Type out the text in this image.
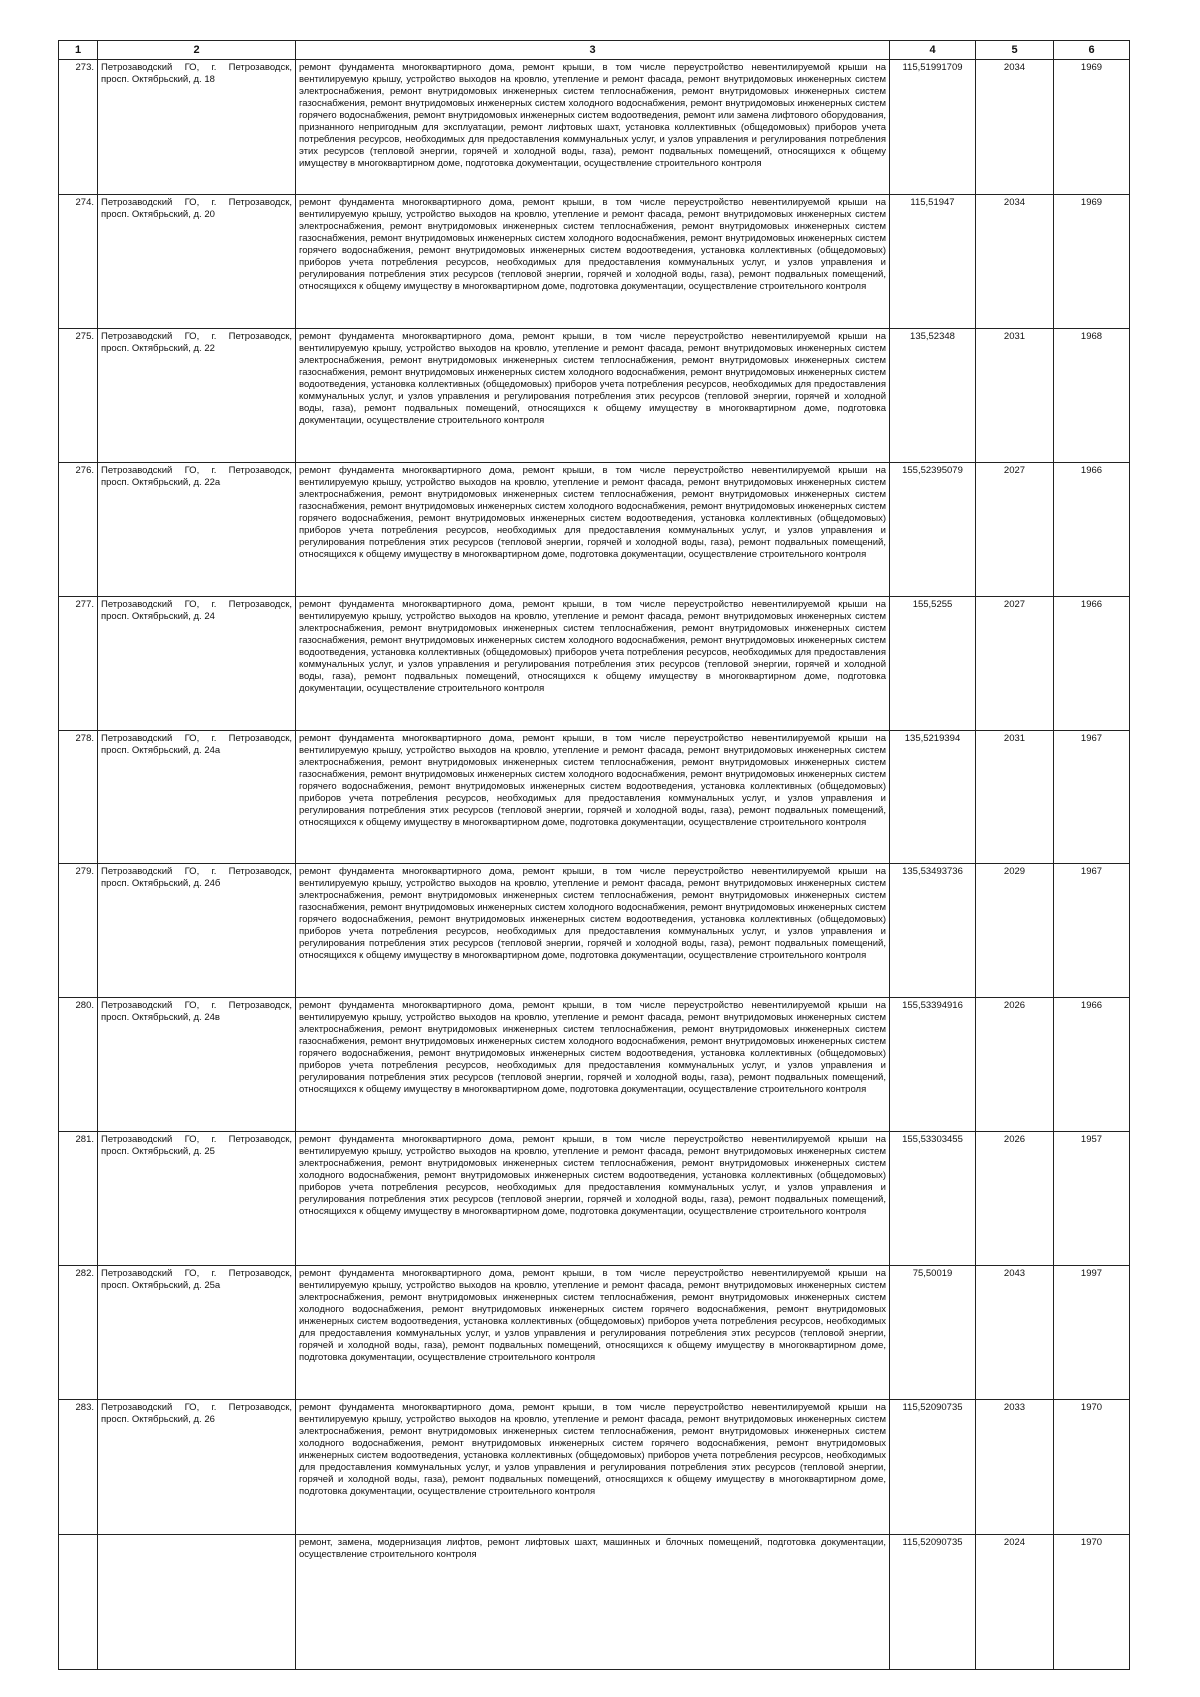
1	2	3	4	5	6
273.	Петрозаводский ГО, г. Петрозаводск, просп. Октябрьский, д. 18	ремонт фундамента многоквартирного дома, ремонт крыши, в том числе переустройство невентилируемой крыши на вентилируемую крышу, устройство выходов на кровлю, утепление и ремонт фасада, ремонт внутридомовых инженерных систем электроснабжения, ремонт внутридомовых инженерных систем теплоснабжения, ремонт внутридомовых инженерных систем газоснабжения, ремонт внутридомовых инженерных систем холодного водоснабжения, ремонт внутридомовых инженерных систем горячего водоснабжения, ремонт внутридомовых инженерных систем водоотведения, ремонт или замена лифтового оборудования, признанного непригодным для эксплуатации, ремонт лифтовых шахт, установка коллективных (общедомовых) приборов учета потребления ресурсов, необходимых для предоставления коммунальных услуг, и узлов управления и регулирования потребления этих ресурсов (тепловой энергии, горячей и холодной воды, газа), ремонт подвальных помещений, относящихся к общему имуществу в многоквартирном доме, подготовка документации, осуществление строительного контроля	115,51991709	2034	1969
274.	Петрозаводский ГО, г. Петрозаводск, просп. Октябрьский, д. 20	ремонт фундамента многоквартирного дома, ремонт крыши, в том числе переустройство невентилируемой крыши на вентилируемую крышу, устройство выходов на кровлю, утепление и ремонт фасада, ремонт внутридомовых инженерных систем электроснабжения, ремонт внутридомовых инженерных систем теплоснабжения, ремонт внутридомовых инженерных систем газоснабжения, ремонт внутридомовых инженерных систем холодного водоснабжения, ремонт внутридомовых инженерных систем горячего водоснабжения, ремонт внутридомовых инженерных систем водоотведения, установка коллективных (общедомовых) приборов учета потребления ресурсов, необходимых для предоставления коммунальных услуг, и узлов управления и регулирования потребления этих ресурсов (тепловой энергии, горячей и холодной воды, газа), ремонт подвальных помещений, относящихся к общему имуществу в многоквартирном доме, подготовка документации, осуществление строительного контроля	115,51947	2034	1969
275.	Петрозаводский ГО, г. Петрозаводск, просп. Октябрьский, д. 22	ремонт фундамента многоквартирного дома, ремонт крыши, в том числе переустройство невентилируемой крыши на вентилируемую крышу, устройство выходов на кровлю, утепление и ремонт фасада, ремонт внутридомовых инженерных систем электроснабжения, ремонт внутридомовых инженерных систем теплоснабжения, ремонт внутридомовых инженерных систем газоснабжения, ремонт внутридомовых инженерных систем холодного водоснабжения, ремонт внутридомовых инженерных систем водоотведения, установка коллективных (общедомовых) приборов учета потребления ресурсов, необходимых для предоставления коммунальных услуг, и узлов управления и регулирования потребления этих ресурсов (тепловой энергии, горячей и холодной воды, газа), ремонт подвальных помещений, относящихся к общему имуществу в многоквартирном доме, подготовка документации, осуществление строительного контроля	135,52348	2031	1968
276.	Петрозаводский ГО, г. Петрозаводск, просп. Октябрьский, д. 22а	ремонт фундамента многоквартирного дома, ремонт крыши, в том числе переустройство невентилируемой крыши на вентилируемую крышу, устройство выходов на кровлю, утепление и ремонт фасада, ремонт внутридомовых инженерных систем электроснабжения, ремонт внутридомовых инженерных систем теплоснабжения, ремонт внутридомовых инженерных систем газоснабжения, ремонт внутридомовых инженерных систем холодного водоснабжения, ремонт внутридомовых инженерных систем горячего водоснабжения, ремонт внутридомовых инженерных систем водоотведения, установка коллективных (общедомовых) приборов учета потребления ресурсов, необходимых для предоставления коммунальных услуг, и узлов управления и регулирования потребления этих ресурсов (тепловой энергии, горячей и холодной воды, газа), ремонт подвальных помещений, относящихся к общему имуществу в многоквартирном доме, подготовка документации, осуществление строительного контроля	155,52395079	2027	1966
277.	Петрозаводский ГО, г. Петрозаводск, просп. Октябрьский, д. 24	ремонт фундамента многоквартирного дома, ремонт крыши, в том числе переустройство невентилируемой крыши на вентилируемую крышу, устройство выходов на кровлю, утепление и ремонт фасада, ремонт внутридомовых инженерных систем электроснабжения, ремонт внутридомовых инженерных систем теплоснабжения, ремонт внутридомовых инженерных систем газоснабжения, ремонт внутридомовых инженерных систем холодного водоснабжения, ремонт внутридомовых инженерных систем водоотведения, установка коллективных (общедомовых) приборов учета потребления ресурсов, необходимых для предоставления коммунальных услуг, и узлов управления и регулирования потребления этих ресурсов (тепловой энергии, горячей и холодной воды, газа), ремонт подвальных помещений, относящихся к общему имуществу в многоквартирном доме, подготовка документации, осуществление строительного контроля	155,5255	2027	1966
278.	Петрозаводский ГО, г. Петрозаводск, просп. Октябрьский, д. 24а	ремонт фундамента многоквартирного дома, ремонт крыши, в том числе переустройство невентилируемой крыши на вентилируемую крышу, устройство выходов на кровлю, утепление и ремонт фасада, ремонт внутридомовых инженерных систем электроснабжения, ремонт внутридомовых инженерных систем теплоснабжения, ремонт внутридомовых инженерных систем газоснабжения, ремонт внутридомовых инженерных систем холодного водоснабжения, ремонт внутридомовых инженерных систем горячего водоснабжения, ремонт внутридомовых инженерных систем водоотведения, установка коллективных (общедомовых) приборов учета потребления ресурсов, необходимых для предоставления коммунальных услуг, и узлов управления и регулирования потребления этих ресурсов (тепловой энергии, горячей и холодной воды, газа), ремонт подвальных помещений, относящихся к общему имуществу в многоквартирном доме, подготовка документации, осуществление строительного контроля	135,5219394	2031	1967
279.	Петрозаводский ГО, г. Петрозаводск, просп. Октябрьский, д. 24б	ремонт фундамента многоквартирного дома, ремонт крыши, в том числе переустройство невентилируемой крыши на вентилируемую крышу, устройство выходов на кровлю, утепление и ремонт фасада, ремонт внутридомовых инженерных систем электроснабжения, ремонт внутридомовых инженерных систем теплоснабжения, ремонт внутридомовых инженерных систем газоснабжения, ремонт внутридомовых инженерных систем холодного водоснабжения, ремонт внутридомовых инженерных систем горячего водоснабжения, ремонт внутридомовых инженерных систем водоотведения, установка коллективных (общедомовых) приборов учета потребления ресурсов, необходимых для предоставления коммунальных услуг, и узлов управления и регулирования потребления этих ресурсов (тепловой энергии, горячей и холодной воды, газа), ремонт подвальных помещений, относящихся к общему имуществу в многоквартирном доме, подготовка документации, осуществление строительного контроля	135,53493736	2029	1967
280.	Петрозаводский ГО, г. Петрозаводск, просп. Октябрьский, д. 24в	ремонт фундамента многоквартирного дома, ремонт крыши, в том числе переустройство невентилируемой крыши на вентилируемую крышу, устройство выходов на кровлю, утепление и ремонт фасада, ремонт внутридомовых инженерных систем электроснабжения, ремонт внутридомовых инженерных систем теплоснабжения, ремонт внутридомовых инженерных систем газоснабжения, ремонт внутридомовых инженерных систем холодного водоснабжения, ремонт внутридомовых инженерных систем горячего водоснабжения, ремонт внутридомовых инженерных систем водоотведения, установка коллективных (общедомовых) приборов учета потребления ресурсов, необходимых для предоставления коммунальных услуг, и узлов управления и регулирования потребления этих ресурсов (тепловой энергии, горячей и холодной воды, газа), ремонт подвальных помещений, относящихся к общему имуществу в многоквартирном доме, подготовка документации, осуществление строительного контроля	155,53394916	2026	1966
281.	Петрозаводский ГО, г. Петрозаводск, просп. Октябрьский, д. 25	ремонт фундамента многоквартирного дома, ремонт крыши, в том числе переустройство невентилируемой крыши на вентилируемую крышу, устройство выходов на кровлю, утепление и ремонт фасада, ремонт внутридомовых инженерных систем электроснабжения, ремонт внутридомовых инженерных систем теплоснабжения, ремонт внутридомовых инженерных систем холодного водоснабжения, ремонт внутридомовых инженерных систем водоотведения, установка коллективных (общедомовых) приборов учета потребления ресурсов, необходимых для предоставления коммунальных услуг, и узлов управления и регулирования потребления этих ресурсов (тепловой энергии, горячей и холодной воды, газа), ремонт подвальных помещений, относящихся к общему имуществу в многоквартирном доме, подготовка документации, осуществление строительного контроля	155,53303455	2026	1957
282.	Петрозаводский ГО, г. Петрозаводск, просп. Октябрьский, д. 25а	ремонт фундамента многоквартирного дома, ремонт крыши, в том числе переустройство невентилируемой крыши на вентилируемую крышу, устройство выходов на кровлю, утепление и ремонт фасада, ремонт внутридомовых инженерных систем электроснабжения, ремонт внутридомовых инженерных систем теплоснабжения, ремонт внутридомовых инженерных систем холодного водоснабжения, ремонт внутридомовых инженерных систем горячего водоснабжения, ремонт внутридомовых инженерных систем водоотведения, установка коллективных (общедомовых) приборов учета потребления ресурсов, необходимых для предоставления коммунальных услуг, и узлов управления и регулирования потребления этих ресурсов (тепловой энергии, горячей и холодной воды, газа), ремонт подвальных помещений, относящихся к общему имуществу в многоквартирном доме, подготовка документации, осуществление строительного контроля	75,50019	2043	1997
283.	Петрозаводский ГО, г. Петрозаводск, просп. Октябрьский, д. 26	ремонт фундамента многоквартирного дома, ремонт крыши, в том числе переустройство невентилируемой крыши на вентилируемую крышу, устройство выходов на кровлю, утепление и ремонт фасада, ремонт внутридомовых инженерных систем электроснабжения, ремонт внутридомовых инженерных систем теплоснабжения, ремонт внутридомовых инженерных систем холодного водоснабжения, ремонт внутридомовых инженерных систем горячего водоснабжения, ремонт внутридомовых инженерных систем водоотведения, установка коллективных (общедомовых) приборов учета потребления ресурсов, необходимых для предоставления коммунальных услуг, и узлов управления и регулирования потребления этих ресурсов (тепловой энергии, горячей и холодной воды, газа), ремонт подвальных помещений, относящихся к общему имуществу в многоквартирном доме, подготовка документации, осуществление строительного контроля	115,52090735	2033	1970
		ремонт, замена, модернизация лифтов, ремонт лифтовых шахт, машинных и блочных помещений, подготовка документации, осуществление строительного контроля	115,52090735	2024	1970
